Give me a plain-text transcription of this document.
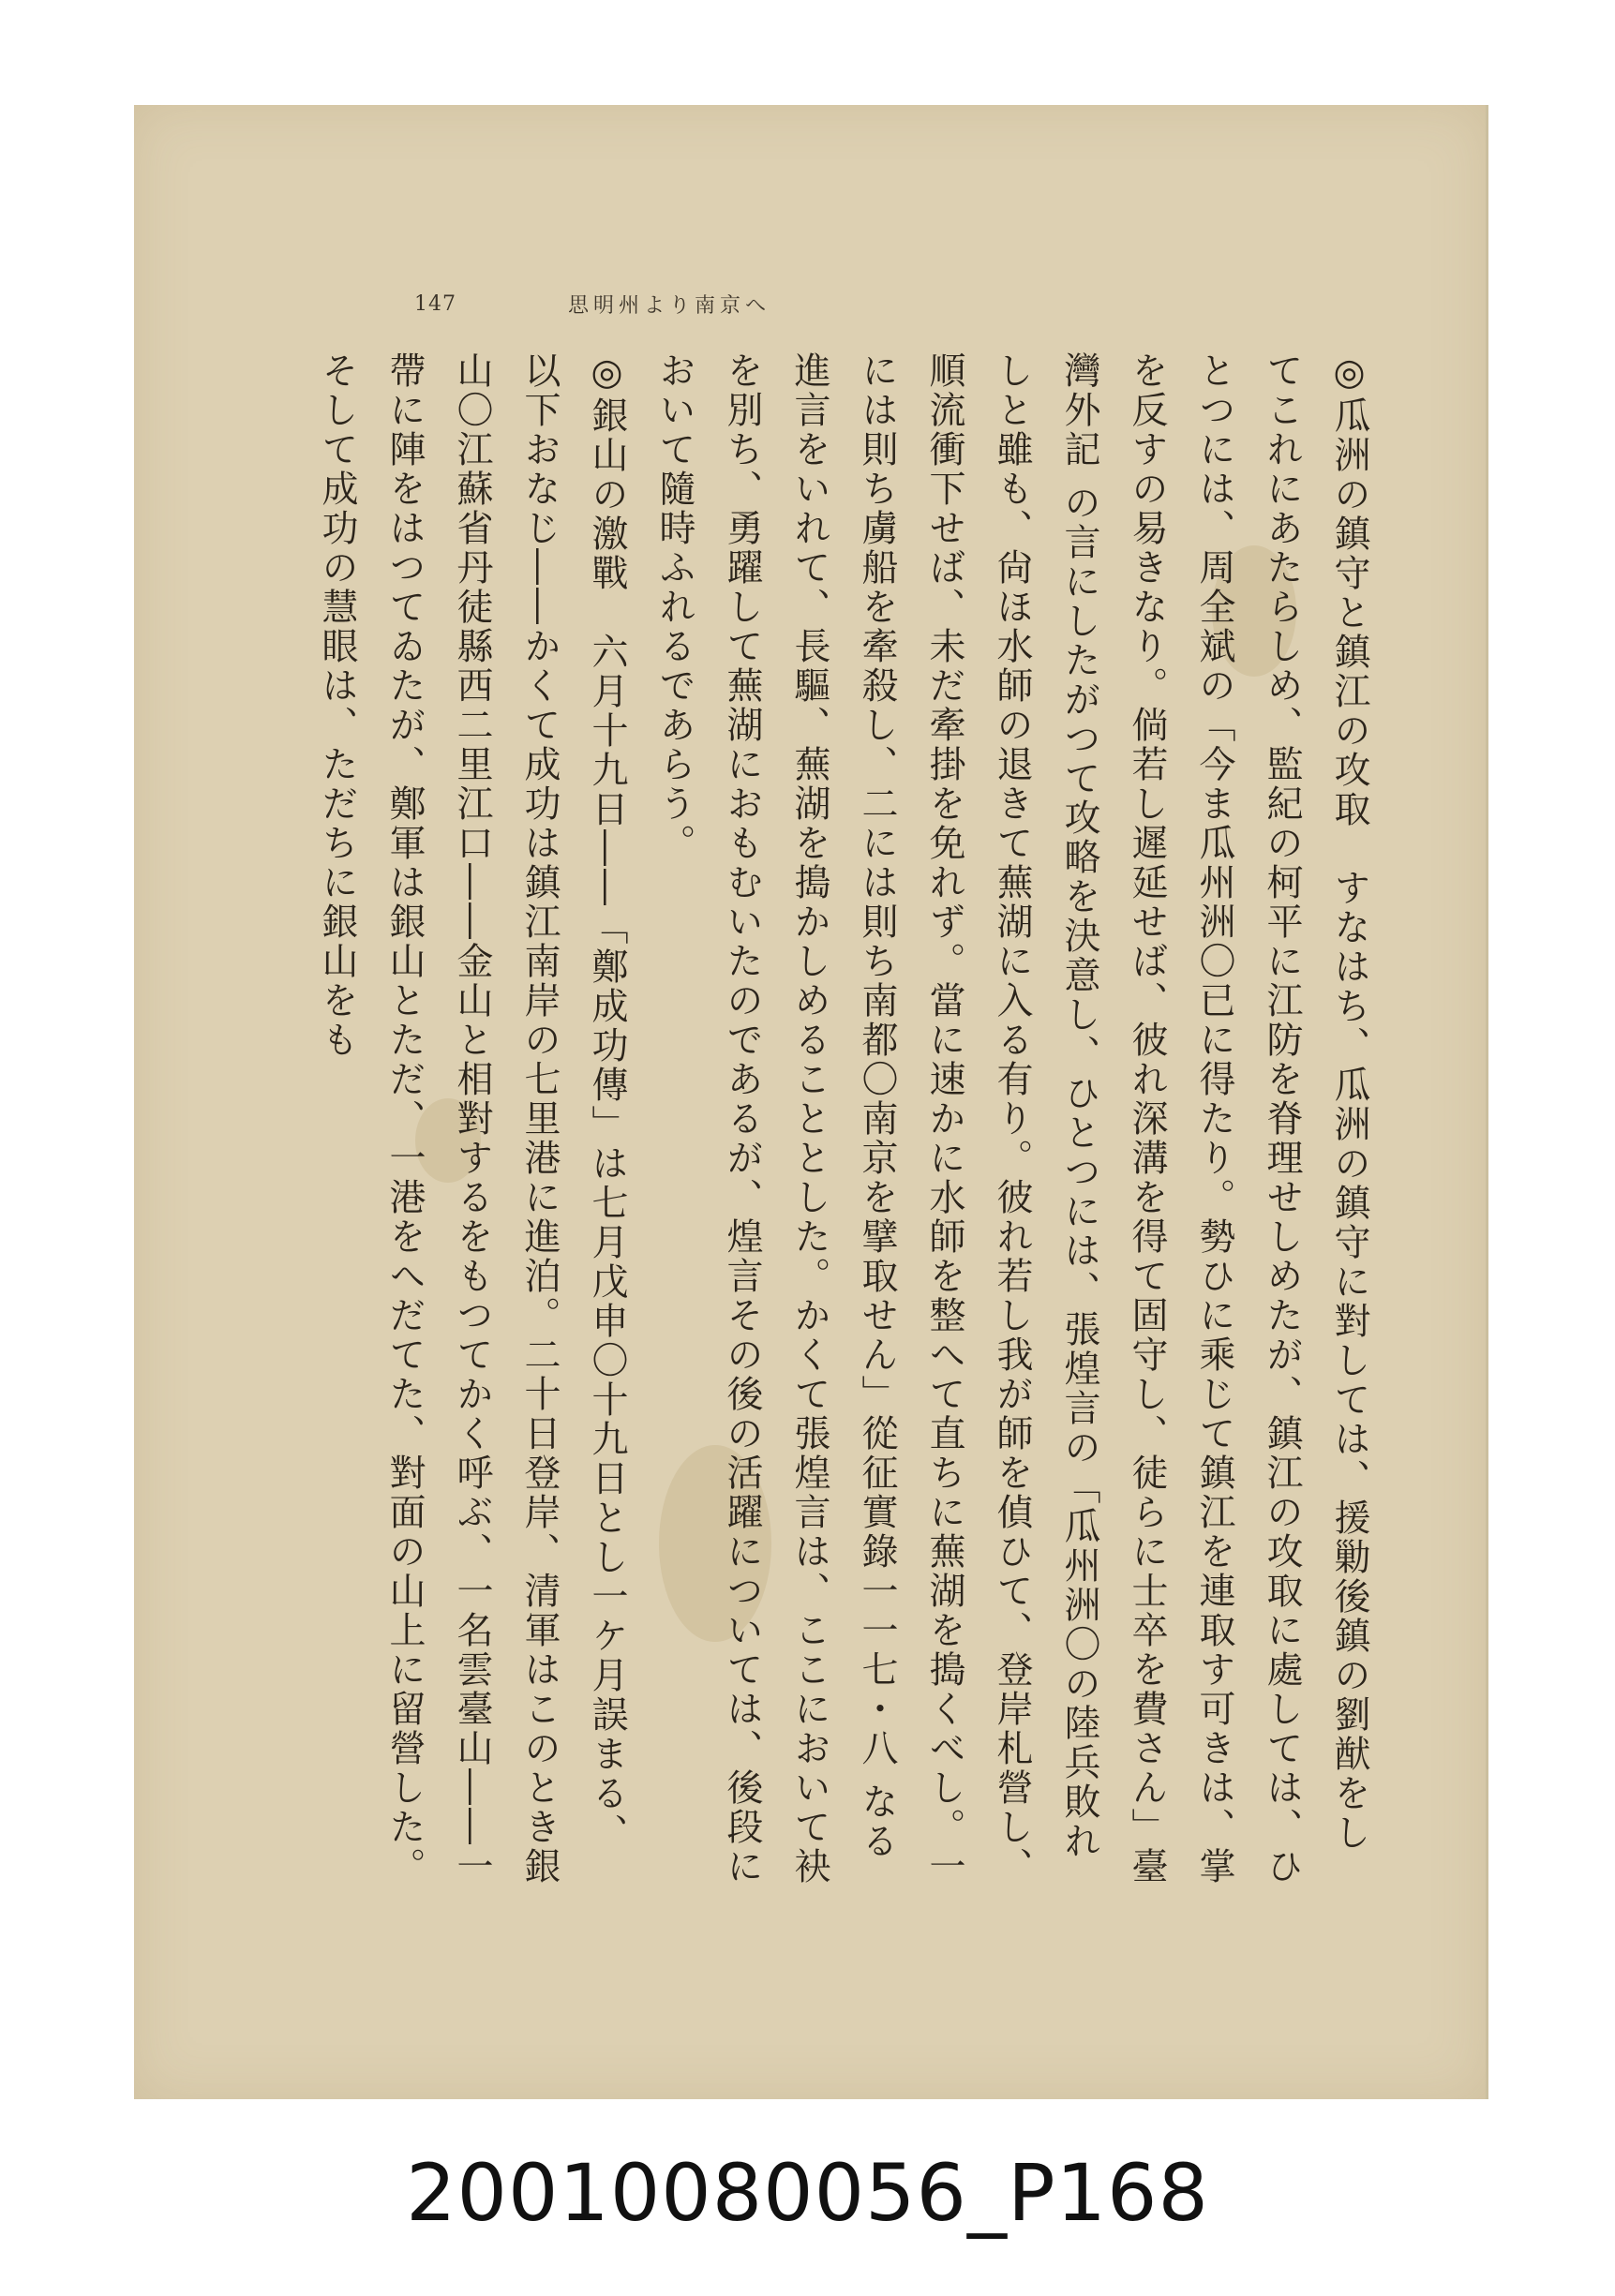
147	思明州より南京へ

◎瓜洲の鎮守と鎮江の攻取　すなはち、瓜洲の鎮守に對しては、援勦後鎮の劉猷をしてこれにあたらしめ、監紀の柯平に江防を脊理せしめたが、鎮江の攻取に處しては、ひとつには、周全斌の「今ま瓜州洲〇已に得たり。勢ひに乘じて鎮江を連取す可きは、掌を反すの易きなり。倘若し遲延せば、彼れ深溝を得て固守し、徒らに士卒を費さん」臺灣外記 の言にしたがつて攻略を決意し、ひとつには、張煌言の「瓜州洲〇の陸兵敗れしと雖も、尙ほ水師の退きて蕪湖に入る有り。彼れ若し我が師を偵ひて、登岸札營し、順流衝下せば、未だ牽掛を免れず。當に速かに水師を整へて直ちに蕪湖を搗くべし。一には則ち虜船を牽殺し、二には則ち南都〇南京を擘取せん」從征實錄一一七・八 なる進言をいれて、長驅、蕪湖を搗かしめることとした。かくて張煌言は、ここにおいて袂を別ち、勇躍して蕪湖におもむいたのであるが、煌言その後の活躍については、後段において隨時ふれるであらう。

◎銀山の激戰　六月十九日――「鄭成功傳」は七月戊申〇十九日とし一ケ月誤まる、以下おなじ――かくて成功は鎮江南岸の七里港に進泊。二十日登岸、清軍はこのとき銀山〇江蘇省丹徒縣西二里江口――金山と相對するをもつてかく呼ぶ、一名雲臺山――一帶に陣をはつてゐたが、鄭軍は銀山とただ、一港をへだてた、對面の山上に留營した。そして成功の慧眼は、ただちに銀山をも

20010080056_P168
